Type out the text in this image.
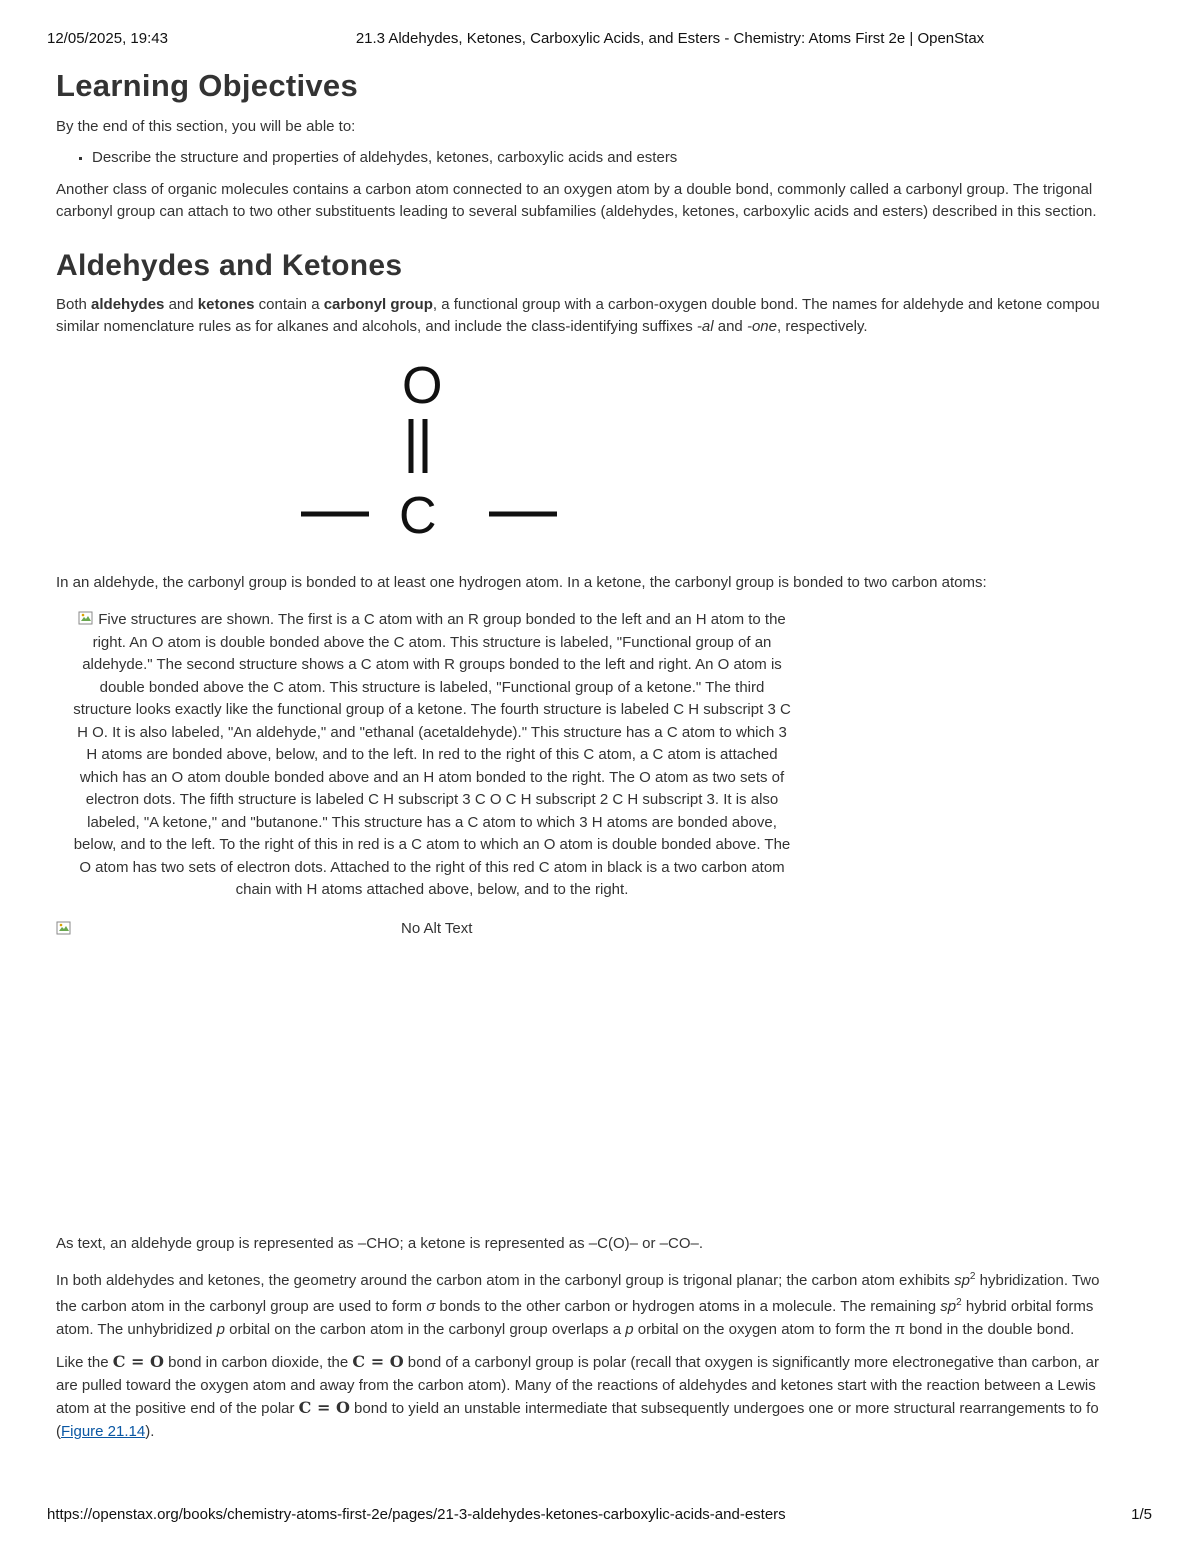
12/05/2025, 19:43	21.3 Aldehydes, Ketones, Carboxylic Acids, and Esters - Chemistry: Atoms First 2e | OpenStax
Learning Objectives

By the end of this section, you will be able to:

▪ Describe the structure and properties of aldehydes, ketones, carboxylic acids and esters

Another class of organic molecules contains a carbon atom connected to an oxygen atom by a double bond, commonly called a carbonyl group. The trigonal

carbonyl group can attach to two other substituents leading to several subfamilies (aldehydes, ketones, carboxylic acids and esters) described in this section.

Aldehydes and Ketones

Both aldehydes and ketones contain a carbonyl group, a functional group with a carbon-oxygen double bond. The names for aldehyde and ketone compou

similar nomenclature rules as for alkanes and alcohols, and include the class-identifying suffixes -al and -one, respectively.

O
C

In an aldehyde, the carbonyl group is bonded to at least one hydrogen atom. In a ketone, the carbonyl group is bonded to two carbon atoms:

Five structures are shown. The first is a C atom with an R group bonded to the left and an H atom to the
right. An O atom is double bonded above the C atom. This structure is labeled, "Functional group of an
aldehyde." The second structure shows a C atom with R groups bonded to the left and right. An O atom is
double bonded above the C atom. This structure is labeled, "Functional group of a ketone." The third
structure looks exactly like the functional group of a ketone. The fourth structure is labeled C H subscript 3 C
H O. It is also labeled, "An aldehyde," and "ethanal (acetaldehyde)." This structure has a C atom to which 3
H atoms are bonded above, below, and to the left. In red to the right of this C atom, a C atom is attached
which has an O atom double bonded above and an H atom bonded to the right. The O atom as two sets of
electron dots. The fifth structure is labeled C H subscript 3 C O C H subscript 2 C H subscript 3. It is also
labeled, "A ketone," and "butanone." This structure has a C atom to which 3 H atoms are bonded above,
below, and to the left. To the right of this in red is a C atom to which an O atom is double bonded above. The
O atom has two sets of electron dots. Attached to the right of this red C atom in black is a two carbon atom
chain with H atoms attached above, below, and to the right.
No Alt Text

As text, an aldehyde group is represented as –CHO; a ketone is represented as –C(O)– or –CO–.

In both aldehydes and ketones, the geometry around the carbon atom in the carbonyl group is trigonal planar; the carbon atom exhibits $sp^2$ hybridization. Two

the carbon atom in the carbonyl group are used to form σ bonds to the other carbon or hydrogen atoms in a molecule. The remaining $sp^2$ hybrid orbital forms

atom. The unhybridized p orbital on the carbon atom in the carbonyl group overlaps a p orbital on the oxygen atom to form the π bond in the double bond.

Like the C = O bond in carbon dioxide, the C = O bond of a carbonyl group is polar (recall that oxygen is significantly more electronegative than carbon, ar

are pulled toward the oxygen atom and away from the carbon atom). Many of the reactions of aldehydes and ketones start with the reaction between a Lewis

atom at the positive end of the polar C = O bond to yield an unstable intermediate that subsequently undergoes one or more structural rearrangements to fo

(Figure 21.14).

https://openstax.org/books/chemistry-atoms-first-2e/pages/21-3-aldehydes-ketones-carboxylic-acids-and-esters	1/5
